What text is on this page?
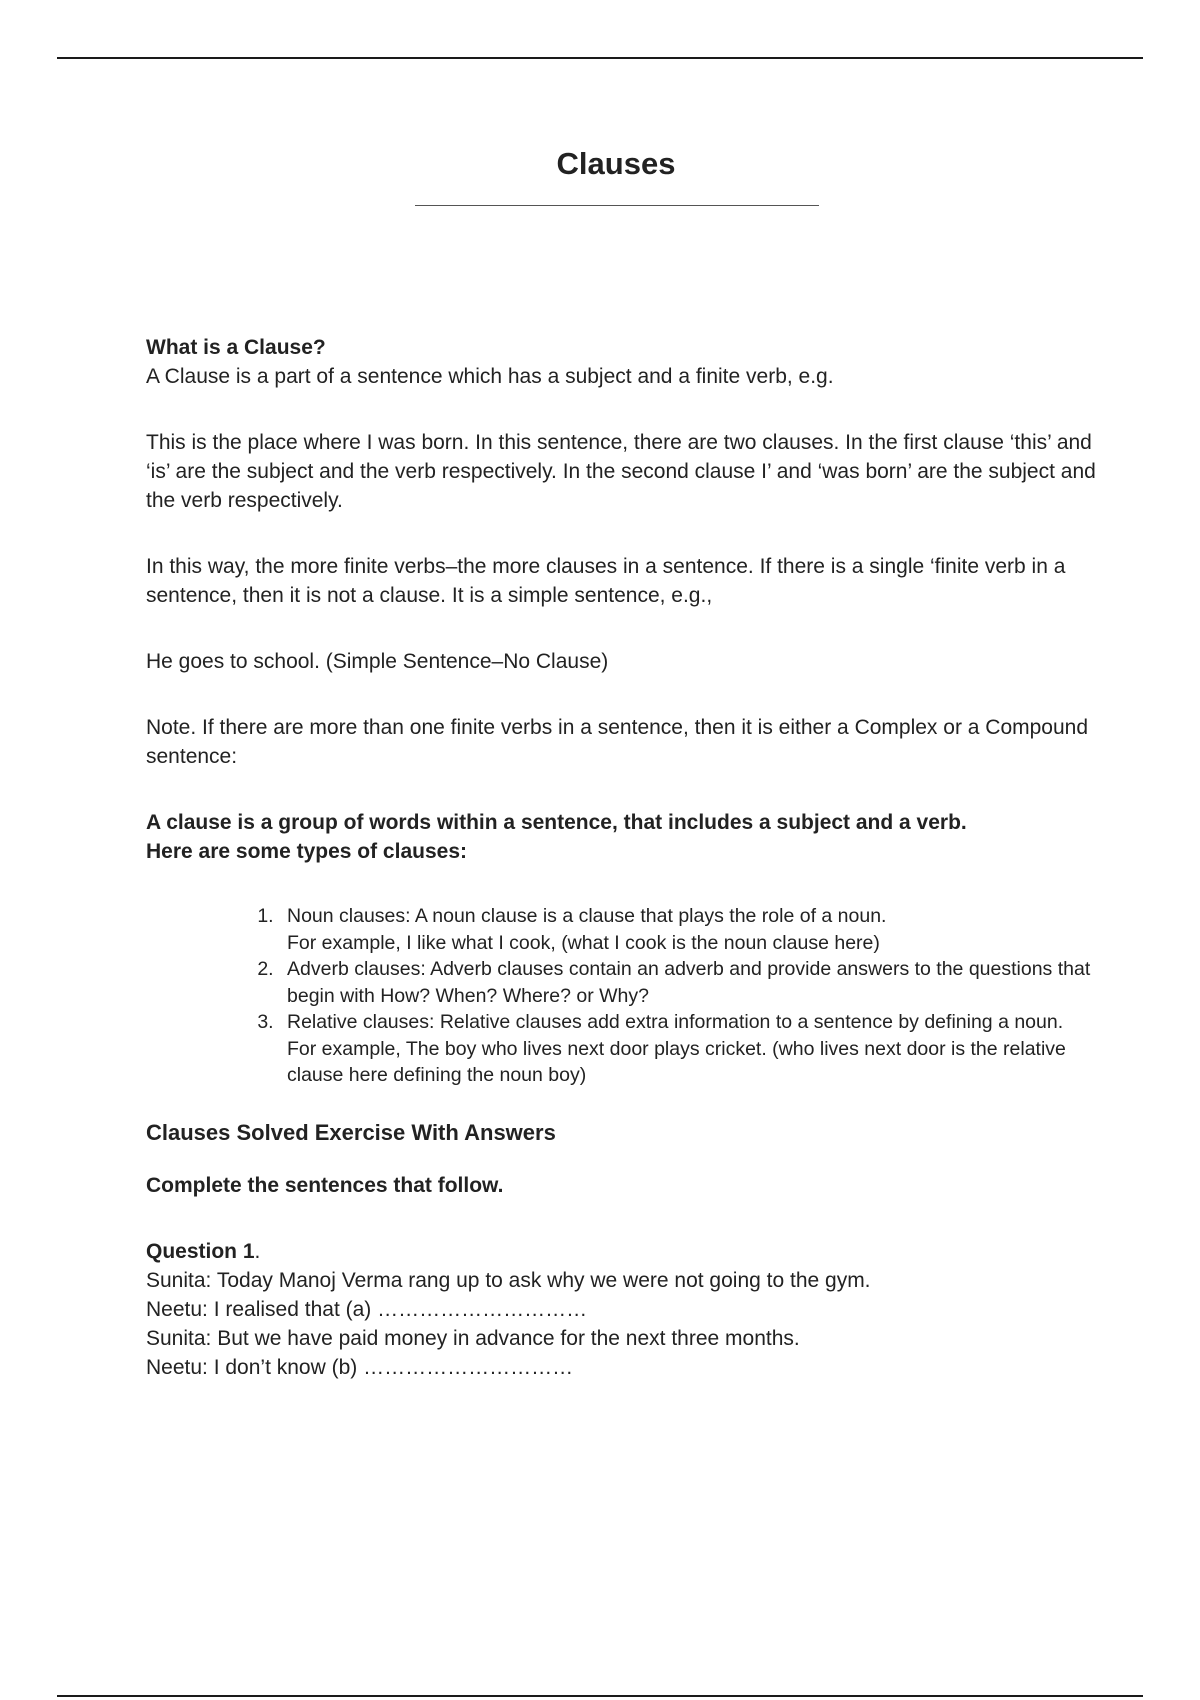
Clauses

What is a Clause?

A Clause is a part of a sentence which has a subject and a finite verb, e.g.

This is the place where I was born. In this sentence, there are two clauses. In the first clause ‘this’ and ‘is’ are the subject and the verb respectively. In the second clause I’ and ‘was born’ are the subject and the verb respectively.

In this way, the more finite verbs–the more clauses in a sentence. If there is a single ‘finite verb in a sentence, then it is not a clause. It is a simple sentence, e.g.,

He goes to school. (Simple Sentence–No Clause)

Note. If there are more than one finite verbs in a sentence, then it is either a Complex or a Compound sentence:

A clause is a group of words within a sentence, that includes a subject and a verb.
Here are some types of clauses:

1. Noun clauses: A noun clause is a clause that plays the role of a noun.
For example, I like what I cook, (what I cook is the noun clause here)
2. Adverb clauses: Adverb clauses contain an adverb and provide answers to the questions that begin with How? When? Where? or Why?
3. Relative clauses: Relative clauses add extra information to a sentence by defining a noun.
For example, The boy who lives next door plays cricket. (who lives next door is the relative clause here defining the noun boy)

Clauses Solved Exercise With Answers

Complete the sentences that follow.

Question 1.

Sunita: Today Manoj Verma rang up to ask why we were not going to the gym.

Neetu: I realised that (a) …………………………

Sunita: But we have paid money in advance for the next three months.

Neetu: I don’t know (b) …………………………
